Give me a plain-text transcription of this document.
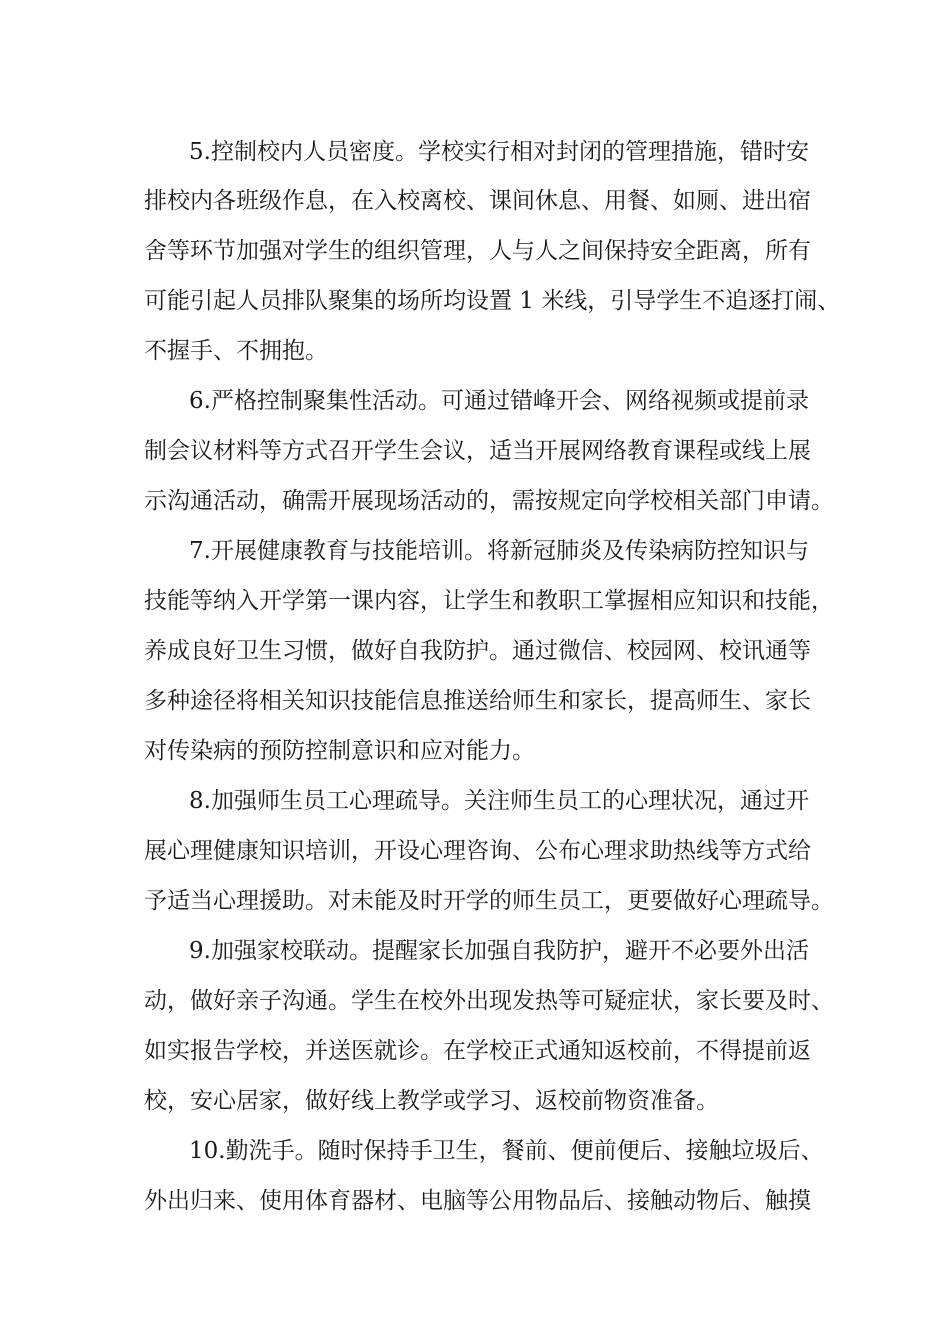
5.控制校内人员密度。学校实行相对封闭的管理措施，错时安
排校内各班级作息，在入校离校、课间休息、用餐、如厕、进出宿
舍等环节加强对学生的组织管理，人与人之间保持安全距离，所有
可能引起人员排队聚集的场所均设置 1 米线，引导学生不追逐打闹、
不握手、不拥抱。
6.严格控制聚集性活动。可通过错峰开会、网络视频或提前录
制会议材料等方式召开学生会议，适当开展网络教育课程或线上展
示沟通活动，确需开展现场活动的，需按规定向学校相关部门申请。
7.开展健康教育与技能培训。将新冠肺炎及传染病防控知识与
技能等纳入开学第一课内容，让学生和教职工掌握相应知识和技能，
养成良好卫生习惯，做好自我防护。通过微信、校园网、校讯通等
多种途径将相关知识技能信息推送给师生和家长，提高师生、家长
对传染病的预防控制意识和应对能力。
8.加强师生员工心理疏导。关注师生员工的心理状况，通过开
展心理健康知识培训，开设心理咨询、公布心理求助热线等方式给
予适当心理援助。对未能及时开学的师生员工，更要做好心理疏导。
9.加强家校联动。提醒家长加强自我防护，避开不必要外出活
动，做好亲子沟通。学生在校外出现发热等可疑症状，家长要及时、
如实报告学校，并送医就诊。在学校正式通知返校前，不得提前返
校，安心居家，做好线上教学或学习、返校前物资准备。
10.勤洗手。随时保持手卫生，餐前、便前便后、接触垃圾后、
外出归来、使用体育器材、电脑等公用物品后、接触动物后、触摸
